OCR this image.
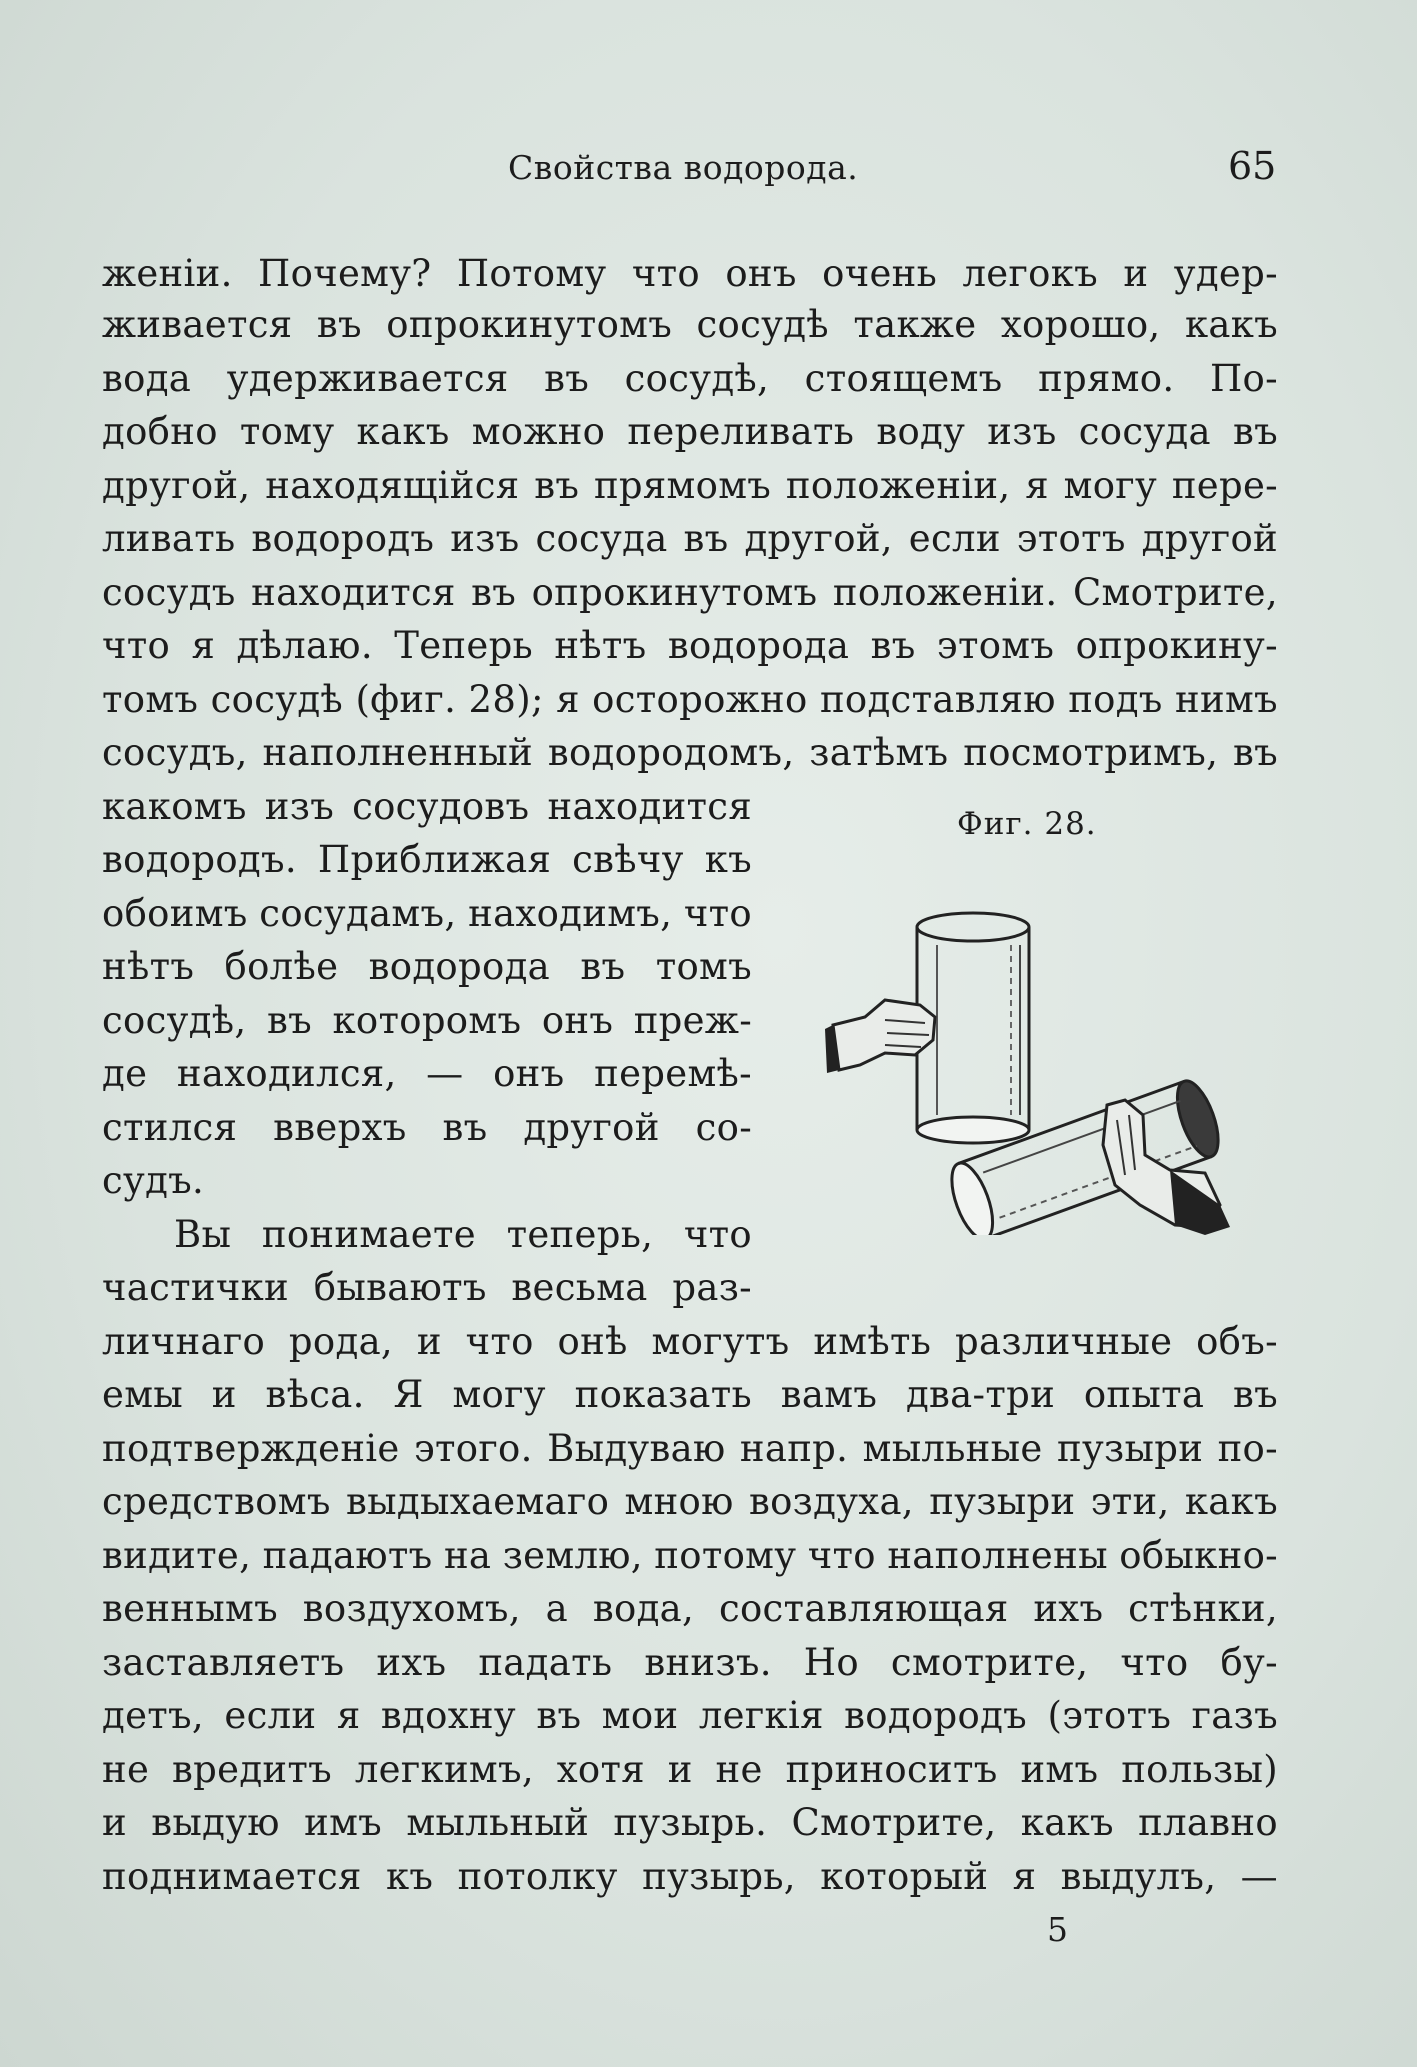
Свойства водорода.	65
женіи. Почему? Потому что онъ очень легокъ и удер-
живается въ опрокинутомъ сосудѣ также хорошо, какъ
вода удерживается въ сосудѣ, стоящемъ прямо. По-
добно тому какъ можно переливать воду изъ сосуда въ
другой, находящійся въ прямомъ положеніи, я могу пере-
ливать водородъ изъ сосуда въ другой, если этотъ другой
сосудъ находится въ опрокинутомъ положеніи. Смотрите,
что я дѣлаю. Теперь нѣтъ водорода въ этомъ опрокину-
томъ сосудѣ (фиг. 28); я осторожно подставляю подъ нимъ
сосудъ, наполненный водородомъ, затѣмъ посмотримъ, въ
какомъ изъ сосудовъ находится
водородъ. Приближая свѣчу къ
обоимъ сосудамъ, находимъ, что
нѣтъ болѣе водорода въ томъ
сосудѣ, въ которомъ онъ преж-
де находился, — онъ перемѣ-
стился вверхъ въ другой со-
судъ.
Вы понимаете теперь, что
частички бываютъ весьма раз-
личнаго рода, и что онѣ могутъ имѣть различные объ-
емы и вѣса. Я могу показать вамъ два-три опыта въ
подтвержденіе этого. Выдуваю напр. мыльные пузыри по-
средствомъ выдыхаемаго мною воздуха, пузыри эти, какъ
видите, падаютъ на землю, потому что наполнены обыкно-
веннымъ воздухомъ, а вода, составляющая ихъ стѣнки,
заставляетъ ихъ падать внизъ. Но смотрите, что бу-
детъ, если я вдохну въ мои легкія водородъ (этотъ газъ
не вредитъ легкимъ, хотя и не приноситъ имъ пользы)
и выдую имъ мыльный пузырь. Смотрите, какъ плавно
поднимается къ потолку пузырь, который я выдулъ, —
Фиг. 28.
5
